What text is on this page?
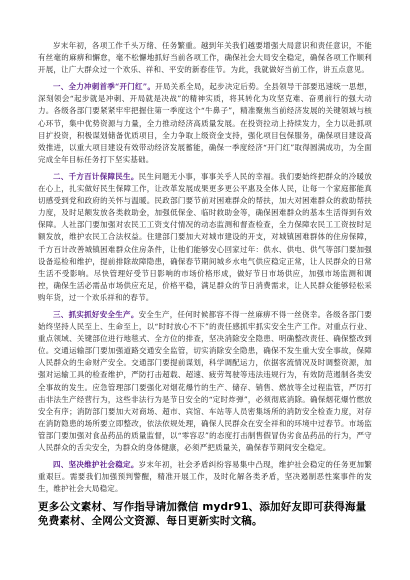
岁末年初，各项工作千头万绪、任务繁重。越到年关我们越要增强大局意识和责任意识，不能有丝毫的麻痹和懈怠，毫不松懈地抓好当前各项工作，确保社会大局安全稳定，确保各项工作顺利开展，让广大群众过一个欢乐、祥和、平安的新春佳节。为此，我就做好当前工作，讲五点意见。

一、全力冲刺首季“开门红”。开局关系全局，起步决定后势。全县领导干部要迅速统一思想，深刻领会“起步就是冲刺、开局就是决战”的精神实质，将其转化为攻坚克难、奋勇前行的强大动力。各级各部门要紧紧牢牢把握住第一季度这个“牛鼻子”，精准聚焦当前经济发展的关键领域与核心环节，集中优势资源与力量，全力推动经济高质量发展。在投资拉动上持续发力，全力以赴抓项目扩投资，积极谋划储备优质项目，全力争取上级资金支持，强化项目包保服务，确保项目建设高效推进，以重大项目建设有效带动经济发展蓄能，确保一季度经济“开门红”取得圆满成功，为全面完成全年目标任务打下坚实基础。

二、千方百计保障民生。民生问题无小事，事事关乎人民的幸福。我们要始终把群众的冷暖放在心上，扎实做好民生保障工作，让改革发展成果更多更公平惠及全体人民，让每一个家庭都能真切感受到党和政府的关怀与温暖。民政部门要节前对困难群众的帮扶，加大对困难群众的救助帮扶力度，及时足额发放各类救助金，加强低保金、临时救助金等，确保困难群众的基本生活得到有效保障。人社部门要加强对农民工工资支付情况的动态监测和督查检查，全力保障农民工工资按时足额发放，维护农民工合法权益。住建部门要加大对城市建设的开支，对城镇困难群体的住房保障，千方百计改善城镇困难群众住房条件，让他们能够安心回家过年：供水、供电、供气等部门要加强设备巡检和维护，提前排除故障隐患，确保春节期间城乡水电气供应稳定正常，让人民群众的日常生活不受影响。尽快管理好受节日影响的市场价格形成，做好节日市场供应，加强市场监测和调控，确保生活必需品市场供应充足，价格平稳，满足群众的节日消费需求，让人民群众能够轻松采购年货，过一个欢乐祥和的春节。

三、抓实抓好安全生产。安全生产，任何时候都容不得一丝麻痹不得一丝侥幸。各级各部门要始终坚持人民至上、生命至上，以“时时放心不下”的责任感抓牢抓实安全生产工作。对重点行业、重点领域、关键部位进行地毯式、全方位的排查，坚决消除安全隐患、明确整改责任、确保整改到位。交通运输部门要加强道路交通安全监管，切实消除安全隐患，确保不发生重大安全事故，保障人民群众的生命财产安全。交通部门要提前谋划，科学调配运力，依据客流情况及时调整资源，加强对运输工具的检查维护，严防打击超载、超速、疲劳驾驶等违法违规行为，有效防范遏制各类安全事故的发生。应急管理部门要强化对烟花爆竹的生产、储存、销售、燃放等全过程监管，严厉打击非法生产经营行为，这些非法行为是节日安全的“定时炸弹”，必须彻底消除。确保烟花爆竹燃放安全有序；消防部门要加大对商场、超市、宾馆、车站等人员密集场所的消防安全检查力度，对存在消防隐患的场所要立即整改，依法依规处理，确保人民群众在安全祥和的环境中过春节。市场监管部门要加强对食品药品的质量监督，以“零容忍”的态度打击制售假冒伪劣食品药品的行为，严守人民群众的舌尖安全，为群众的身体健康，必须严把质量关，确保春节期间安全稳定。

四、坚决维护社会稳定。岁末年初，社会矛盾纠纷容易集中凸现，维护社会稳定的任务更加繁重艰巨。需要我们加强预判警醒，精准开展工作，及时化解各类矛盾，坚决遏制恶性案事件的发生，维护社会大局稳定。

更多公文素材、写作指导请加微信 mydr91、添加好友即可获得海量免费素材、全网公文资源、每日更新实时文稿。
